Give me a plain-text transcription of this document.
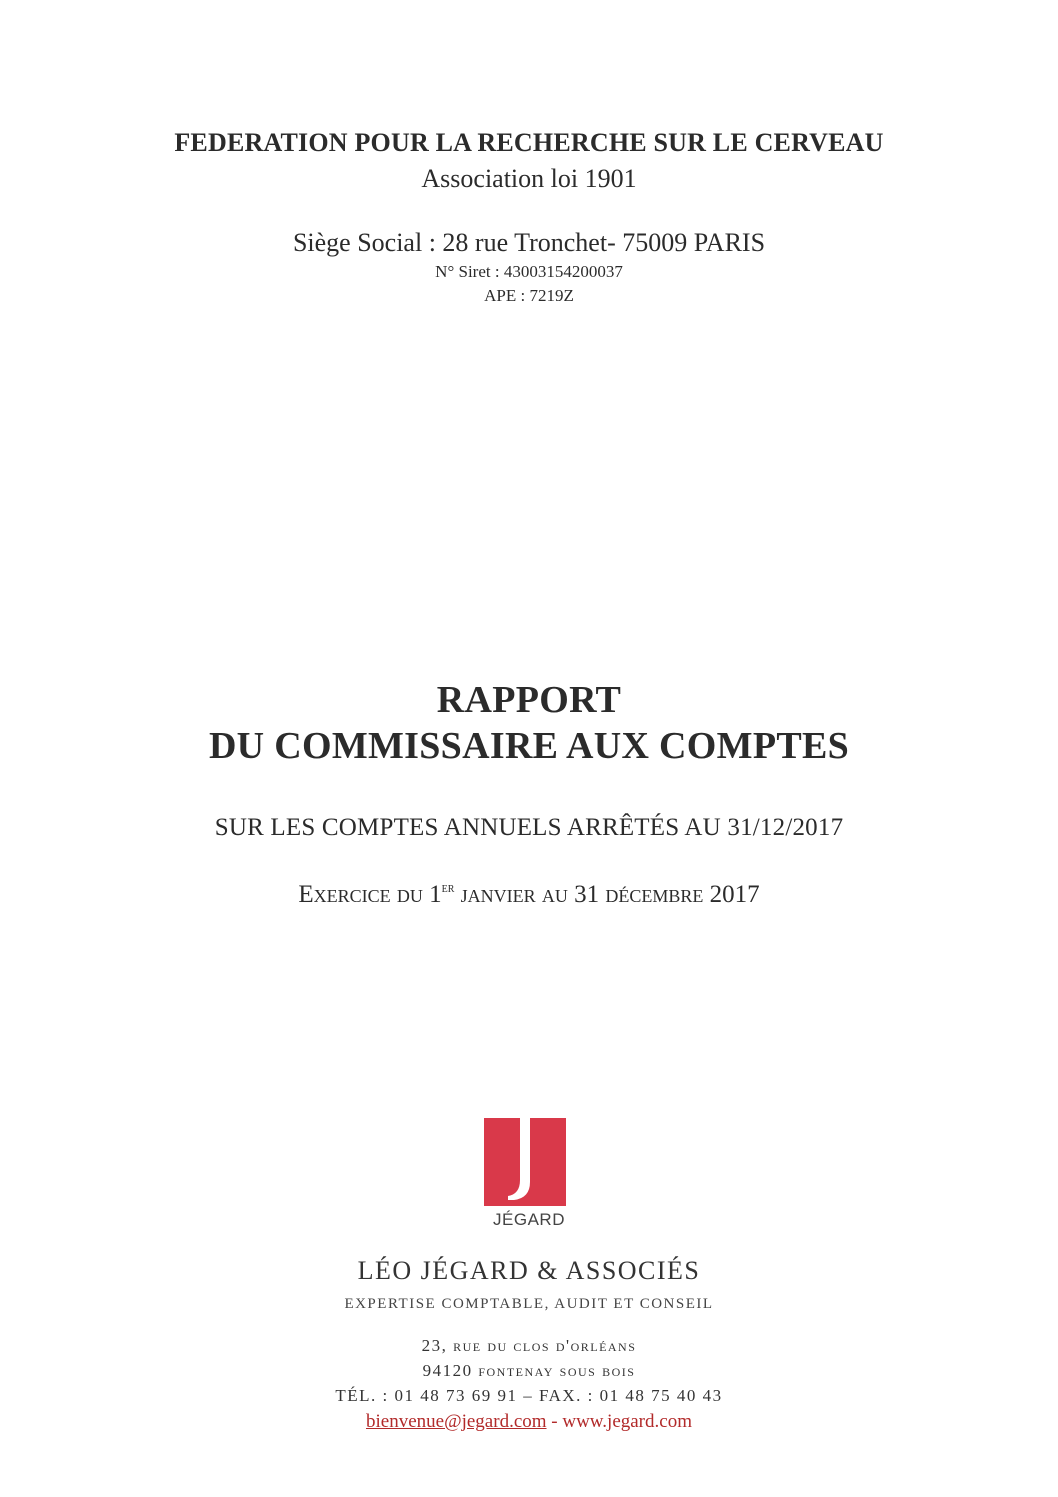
FEDERATION POUR LA RECHERCHE SUR LE CERVEAU
Association loi 1901
Siège Social : 28 rue Tronchet- 75009 PARIS
N° Siret : 43003154200037
APE : 7219Z
RAPPORT
DU COMMISSAIRE AUX COMPTES
SUR LES COMPTES ANNUELS ARRÊTÉS AU 31/12/2017
Exercice du 1er janvier au 31 décembre 2017
JÉGARD
LÉO JÉGARD & ASSOCIÉS
EXPERTISE COMPTABLE, AUDIT ET CONSEIL
23, rue du clos d'orléans
94120 fontenay sous bois
TÉL. : 01 48 73 69 91 – FAX. : 01 48 75 40 43
bienvenue@jegard.com - www.jegard.com
